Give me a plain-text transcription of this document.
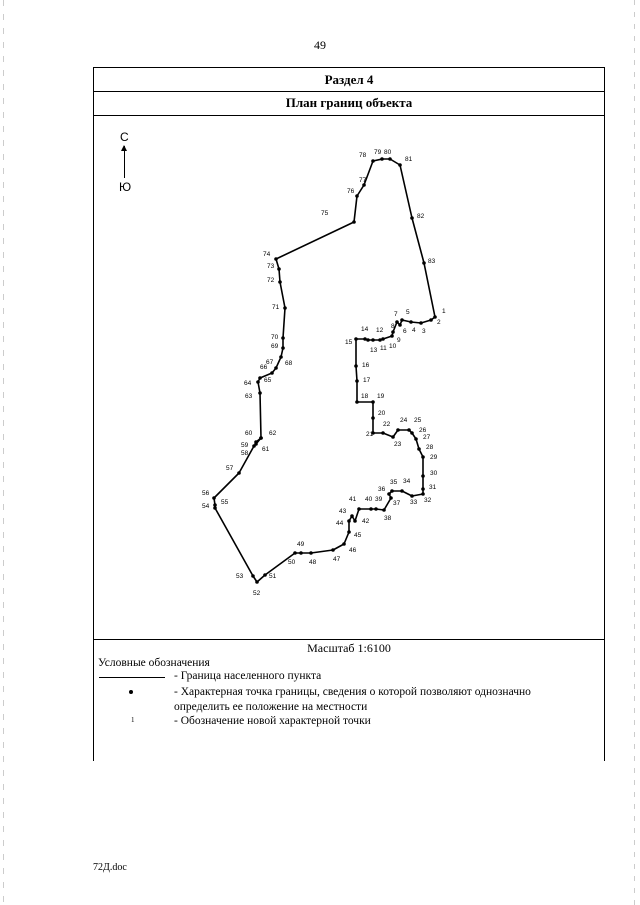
49
Раздел 4
План границ объекта
С
Ю
1
2
3
4
5
6
7
8
9
10
11
12
13
14
15
16
17
18 19
20
21
22
23
24 25
26
27
28
29
30
31
32
33
34
35
36
37
38
39
40
41
42
43
44
45
46
47
48
49
50
51
52
53
54
55
56
57
58
59
60
61
62
63
64 65
66
67 68
69
70
71
72
73
74
75
76
77
78 79 80
81
82
83
Масштаб 1:6100
Условные обозначения
- Граница населенного пункта
- Характерная точка границы, сведения о которой позволяют однозначно определить ее положение на местности
1	- Обозначение новой характерной точки
72Д.doc
